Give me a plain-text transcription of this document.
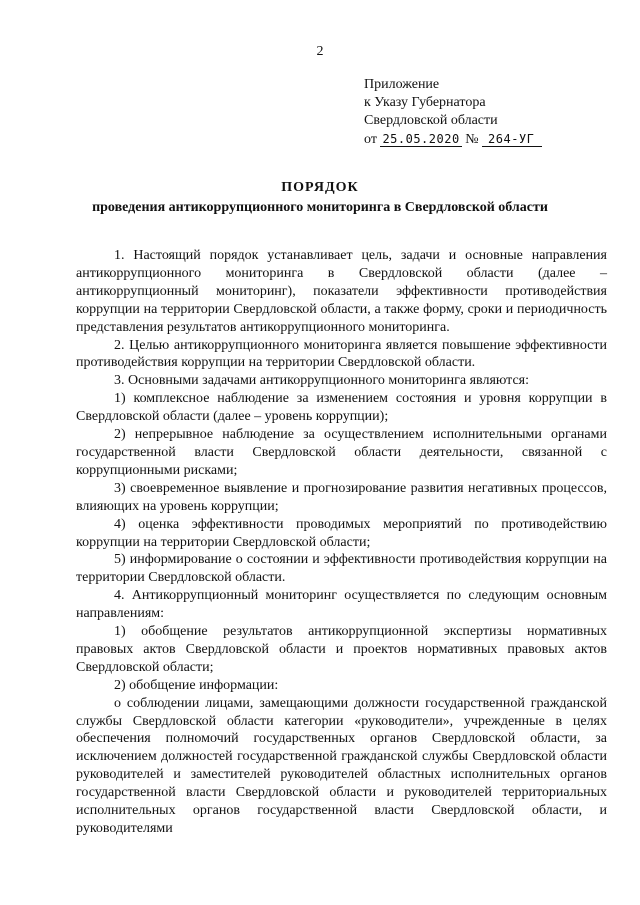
2
Приложение
к Указу Губернатора
Свердловской области
от 25.05.2020 № 264-УГ
ПОРЯДОК
проведения антикоррупционного мониторинга в Свердловской области

1. Настоящий порядок устанавливает цель, задачи и основные направления антикоррупционного мониторинга в Свердловской области (далее – антикоррупционный мониторинг), показатели эффективности противодействия коррупции на территории Свердловской области, а также форму, сроки и периодичность представления результатов антикоррупционного мониторинга.

2. Целью антикоррупционного мониторинга является повышение эффективности противодействия коррупции на территории Свердловской области.

3. Основными задачами антикоррупционного мониторинга являются:

1) комплексное наблюдение за изменением состояния и уровня коррупции в Свердловской области (далее – уровень коррупции);

2) непрерывное наблюдение за осуществлением исполнительными органами государственной власти Свердловской области деятельности, связанной с коррупционными рисками;

3) своевременное выявление и прогнозирование развития негативных процессов, влияющих на уровень коррупции;

4) оценка эффективности проводимых мероприятий по противодействию коррупции на территории Свердловской области;

5) информирование о состоянии и эффективности противодействия коррупции на территории Свердловской области.

4. Антикоррупционный мониторинг осуществляется по следующим основным направлениям:

1) обобщение результатов антикоррупционной экспертизы нормативных правовых актов Свердловской области и проектов нормативных правовых актов Свердловской области;

2) обобщение информации:

о соблюдении лицами, замещающими должности государственной гражданской службы Свердловской области категории «руководители», учрежденные в целях обеспечения полномочий государственных органов Свердловской области, за исключением должностей государственной гражданской службы Свердловской области руководителей и заместителей руководителей областных исполнительных органов государственной власти Свердловской области и руководителей территориальных исполнительных органов государственной власти Свердловской области, и руководителями
